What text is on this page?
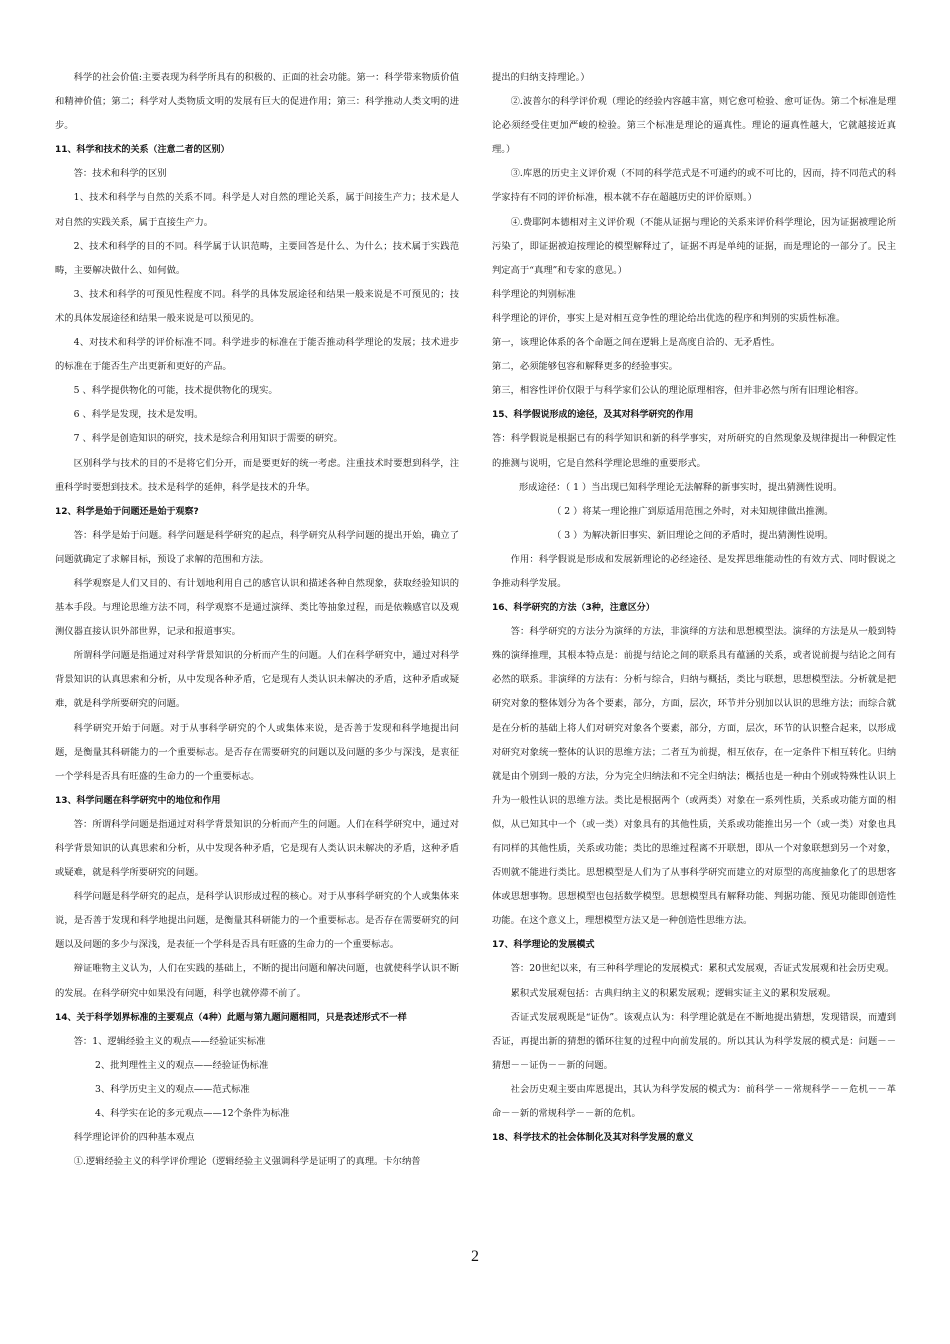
科学的社会价值:主要表现为科学所具有的积极的、正面的社会功能。第一：科学带来物质价值和精神价值；第二；科学对人类物质文明的发展有巨大的促进作用；第三：科学推动人类文明的进步。

11、科学和技术的关系（注意二者的区别）

答：技术和科学的区别

1、技术和科学与自然的关系不同。科学是人对自然的理论关系，属于间接生产力；技术是人对自然的实践关系，属于直接生产力。

2、技术和科学的目的不同。科学属于认识范畴，主要回答是什么、为什么；技术属于实践范畴，主要解决做什么、如何做。

3、技术和科学的可预见性程度不同。科学的具体发展途径和结果一般来说是不可预见的；技术的具体发展途径和结果一般来说是可以预见的。

4、对技术和科学的评价标准不同。科学进步的标准在于能否推动科学理论的发展；技术进步的标准在于能否生产出更新和更好的产品。

5 、科学提供物化的可能，技术提供物化的现实。

6 、科学是发现，技术是发明。

7 、科学是创造知识的研究，技术是综合利用知识于需要的研究。

区别科学与技术的目的不是将它们分开，而是要更好的统一考虑。注重技术时要想到科学，注重科学时要想到技术。技术是科学的延伸，科学是技术的升华。

12、科学是始于问题还是始于观察?

答：科学是始于问题。科学问题是科学研究的起点，科学研究从科学问题的提出开始，确立了问题就确定了求解目标，预设了求解的范围和方法。

科学观察是人们又目的、有计划地利用自己的感官认识和描述各种自然现象，获取经验知识的基本手段。与理论思维方法不同，科学观察不是通过演绎、类比等抽象过程，而是依赖感官以及观测仪器直接认识外部世界，记录和报道事实。

所谓科学问题是指通过对科学背景知识的分析而产生的问题。人们在科学研究中，通过对科学背景知识的认真思索和分析，从中发现各种矛盾，它是现有人类认识未解决的矛盾，这种矛盾或疑难，就是科学所要研究的问题。

科学研究开始于问题。对于从事科学研究的个人或集体来说，是否善于发现和科学地提出问题，是衡量其科研能力的一个重要标志。是否存在需要研究的问题以及问题的多少与深浅，是衷征一个学科是否具有旺盛的生命力的一个重要标志。

13、科学问题在科学研究中的地位和作用

答：所谓科学问题是指通过对科学背景知识的分析而产生的问题。人们在科学研究中，通过对科学背景知识的认真思索和分析，从中发现各种矛盾，它是现有人类认识未解决的矛盾，这种矛盾或疑难，就是科学所要研究的问题。

科学问题是科学研究的起点，是科学认识形成过程的核心。对于从事科学研究的个人或集体来说，是否善于发现和科学地提出问题，是衡量其科研能力的一个重要标志。是否存在需要研究的问题以及问题的多少与深浅，是表征一个学科是否具有旺盛的生命力的一个重要标志。

辩证唯物主义认为，人们在实践的基础上，不断的提出问题和解决问题，也就使科学认识不断的发展。在科学研究中如果没有问题，科学也就停滞不前了。

14、关于科学划界标准的主要观点（4种）此题与第九题问题相同，只是表述形式不一样

答：1、逻辑经验主义的观点——经验证实标准

2、批判理性主义的观点——经验证伪标准

3、科学历史主义的观点——范式标准

4、科学实在论的多元观点——12个条件为标准

科学理论评价的四种基本观点

①.逻辑经验主义的科学评价理论（逻辑经验主义强调科学是证明了的真理。卡尔纳普

提出的归纳支持理论。）

②.波普尔的科学评价观（理论的经验内容越丰富，则它愈可检验、愈可证伪。第二个标准是理论必须经受住更加严峻的检验。第三个标准是理论的逼真性。理论的逼真性越大，它就越接近真理。）

③.库恩的历史主义评价观（不同的科学范式是不可通约的或不可比的，因而，持不同范式的科学家持有不同的评价标准，根本就不存在超越历史的评价原则。）

④.费耶阿本德相对主义评价观（不能从证据与理论的关系来评价科学理论，因为证据被理论所污染了，即证据被迫按理论的模型解释过了，证据不再是单纯的证据，而是理论的一部分了。民主判定高于“真理”和专家的意见。）

科学理论的判别标准

科学理论的评价，事实上是对相互竞争性的理论给出优选的程序和判别的实质性标准。

第一，该理论体系的各个命题之间在逻辑上是高度自洽的、无矛盾性。

第二，必须能够包容和解释更多的经验事实。

第三，相容性评价仅限于与科学家们公认的理论原理相容，但并非必然与所有旧理论相容。

15、科学假说形成的途径，及其对科学研究的作用

答：科学假说是根据已有的科学知识和新的科学事实，对所研究的自然现象及规律提出一种假定性的推测与说明，它是自然科学理论思维的重要形式。

形成途径：（ 1 ）当出现已知科学理论无法解释的新事实时，提出猜测性说明。

（ 2 ）将某一理论推广到原适用范围之外时，对未知规律做出推测。

（ 3 ）为解决新旧事实、新旧理论之间的矛盾时，提出猜测性说明。

作用：科学假说是形成和发展新理论的必经途径、是发挥思维能动性的有效方式、同时假说之争推动科学发展。

16、科学研究的方法（3种，注意区分）

答：科学研究的方法分为演绎的方法，非演绎的方法和思想模型法。演绎的方法是从一般到特殊的演绎推理，其根本特点是：前提与结论之间的联系具有蕴涵的关系，或者说前提与结论之间有必然的联系。非演绎的方法有：分析与综合，归纳与概括，类比与联想，思想模型法。分析就是把研究对象的整体划分为各个要素，部分，方面，层次，环节并分别加以认识的思维方法；而综合就是在分析的基础上将人们对研究对象各个要素，部分，方面，层次，环节的认识整合起来，以形成对研究对象统一整体的认识的思维方法；二者互为前提，相互依存，在一定条件下相互转化。归纳就是由个别到一般的方法，分为完全归纳法和不完全归纳法；概括也是一种由个别或特殊性认识上升为一般性认识的思维方法。类比是根据两个（或两类）对象在一系列性质，关系或功能方面的相似，从已知其中一个（或一类）对象具有的其他性质，关系或功能推出另一个（或一类）对象也具有同样的其他性质，关系或功能；类比的思维过程离不开联想，即从一个对象联想到另一个对象，否则就不能进行类比。思想模型是人们为了从事科学研究而建立的对原型的高度抽象化了的思想客体或思想事物。思想模型也包括数学模型。思想模型具有解释功能、判据功能、预见功能即创造性功能。在这个意义上，理想模型方法又是一种创造性思维方法。

17、科学理论的发展模式

答：20世纪以来，有三种科学理论的发展模式：累积式发展观，否证式发展观和社会历史观。

累积式发展观包括：古典归纳主义的积累发展观；逻辑实证主义的累积发展观。

否证式发展观既是“证伪”。该观点认为：科学理论就是在不断地提出猜想，发现错误，而遭到否证，再提出新的猜想的循环往复的过程中向前发展的。所以其认为科学发展的模式是：问题－－猜想－－证伪－－新的问题。

社会历史观主要由库恩提出，其认为科学发展的模式为：前科学－－常规科学－－危机－－革命－－新的常规科学－－新的危机。

18、科学技术的社会体制化及其对科学发展的意义

2
